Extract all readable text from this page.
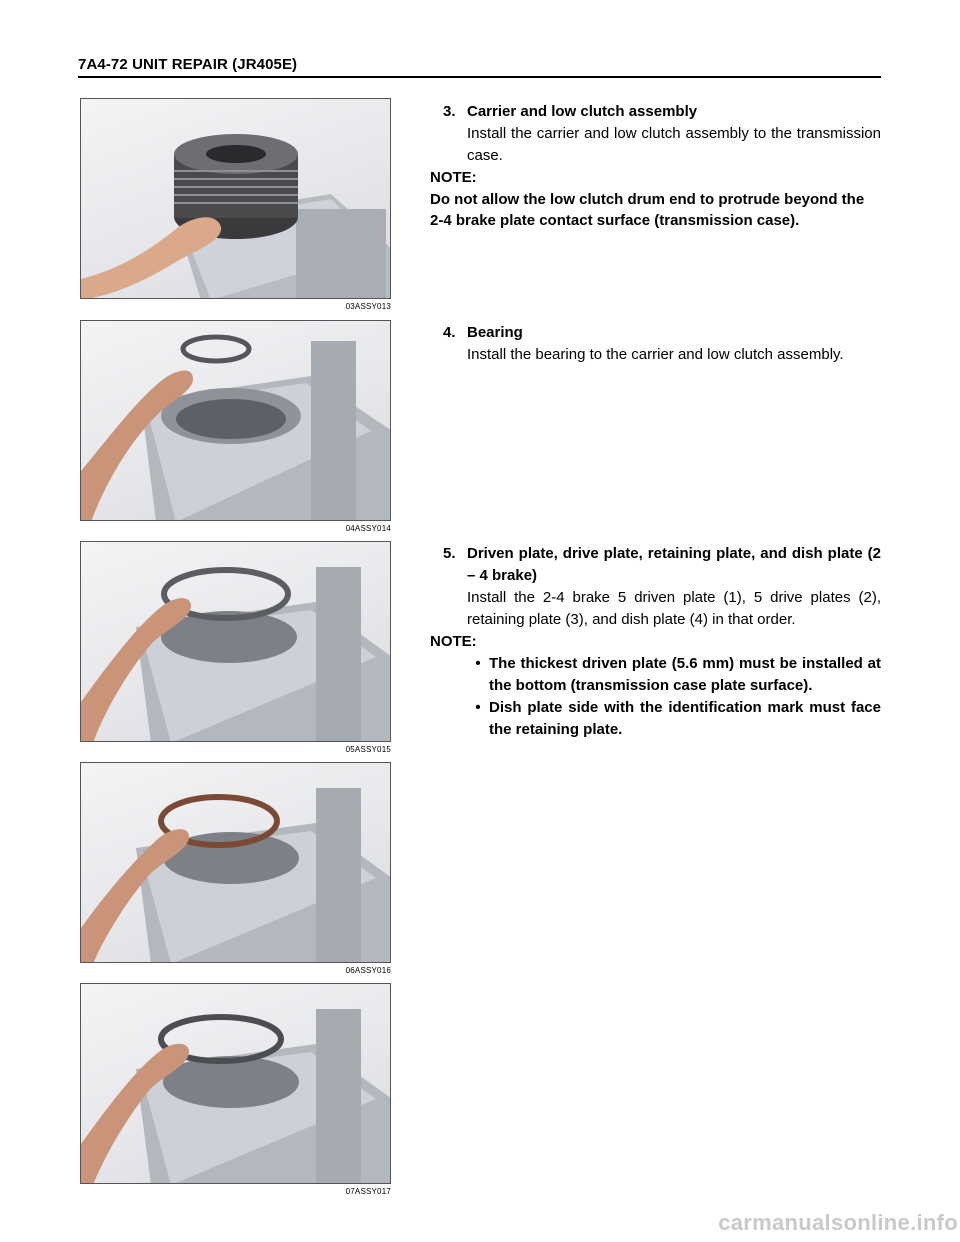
7A4-72 UNIT REPAIR (JR405E)
03ASSY013
04ASSY014
05ASSY015
06ASSY016
07ASSY017
3. Carrier and low clutch assembly
Install the carrier and low clutch assembly to the transmission case.
NOTE:
Do not allow the low clutch drum end to protrude beyond the 2-4 brake plate contact surface (transmission case).
4. Bearing
Install the bearing to the carrier and low clutch assembly.
5. Driven plate, drive plate, retaining plate, and dish plate (2 – 4 brake)
Install the 2-4 brake 5 driven plate (1), 5 drive plates (2), retaining plate (3), and dish plate (4) in that order.
NOTE:
• The thickest driven plate (5.6 mm) must be installed at the bottom (transmission case plate surface).
• Dish plate side with the identification mark must face the retaining plate.
carmanualsonline.info
